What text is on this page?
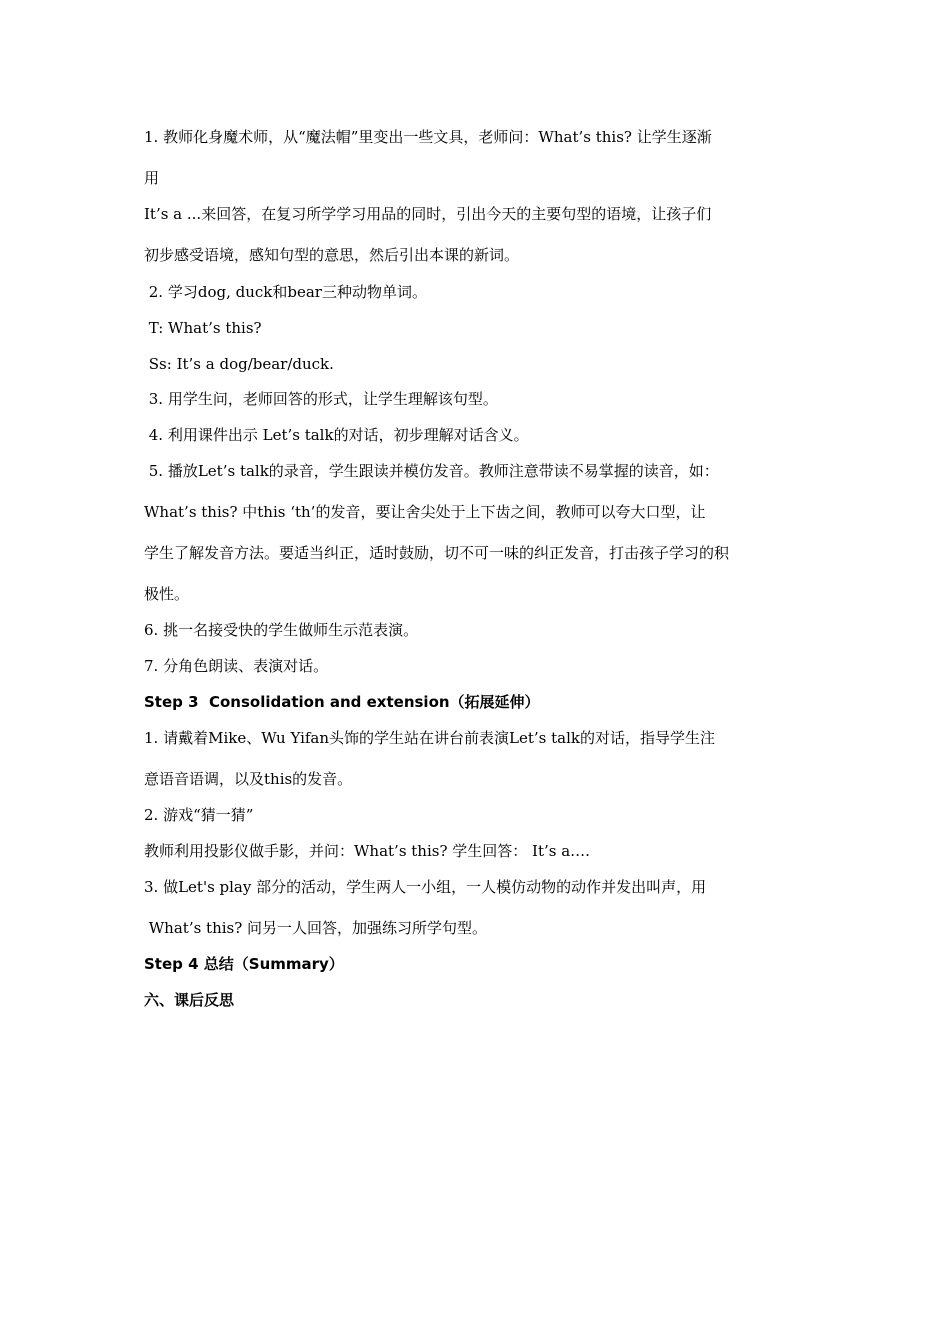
1. 教师化身魔术师，从“魔法帽”里变出一些文具，老师问：What’s this? 让学生逐渐
用
It’s a ...来回答，在复习所学学习用品的同时，引出今天的主要句型的语境，让孩子们
初步感受语境，感知句型的意思，然后引出本课的新词。
2. 学习dog, duck和bear三种动物单词。
T: What’s this?
Ss: It’s a dog/bear/duck.
3. 用学生问，老师回答的形式，让学生理解该句型。
4. 利用课件出示 Let’s talk的对话，初步理解对话含义。
5. 播放Let’s talk的录音，学生跟读并模仿发音。教师注意带读不易掌握的读音，如：
What’s this? 中this ‘th’的发音，要让舍尖处于上下齿之间，教师可以夸大口型，让
学生了解发音方法。要适当纠正，适时鼓励，切不可一味的纠正发音，打击孩子学习的积
极性。
6. 挑一名接受快的学生做师生示范表演。
7. 分角色朗读、表演对话。
Step 3  Consolidation and extension（拓展延伸）
1. 请戴着Mike、Wu Yifan头饰的学生站在讲台前表演Let’s talk的对话，指导学生注
意语音语调，以及this的发音。
2. 游戏“猜一猜”
教师利用投影仪做手影，并问：What’s this? 学生回答： It’s a….
3. 做Let's play 部分的活动，学生两人一小组，一人模仿动物的动作并发出叫声，用
What’s this? 问另一人回答，加强练习所学句型。
Step 4 总结（Summary）
六、课后反思
